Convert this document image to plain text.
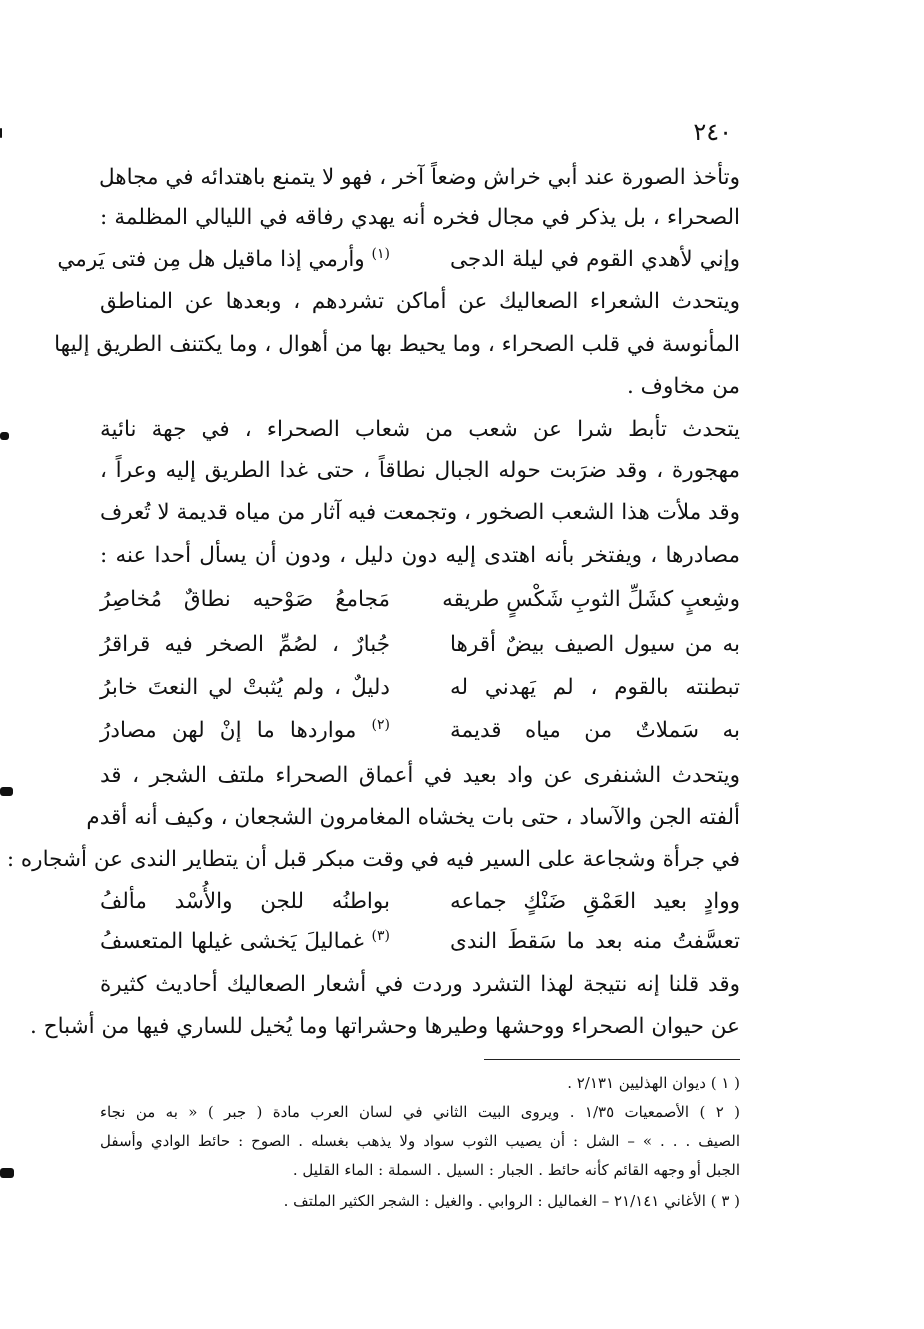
٢٤٠
وتأخذ الصورة عند أبي خراش وضعاً آخر ، فهو لا يتمنع باهتدائه في مجاهل
الصحراء ، بل يذكر في مجال فخره أنه يهدي رفاقه في الليالي المظلمة :
وإني لأهدي القوم في ليلة الدجى
$^{(١)}$ وأرمي إذا ماقيل هل مِن فتى يَرمي
ويتحدث الشعراء الصعاليك عن أماكن تشردهم ، وبعدها عن المناطق
المأنوسة في قلب الصحراء ، وما يحيط بها من أهوال ، وما يكتنف الطريق إليها
من مخاوف .
يتحدث تأبط شرا عن شعب من شعاب الصحراء ، في جهة نائية
مهجورة ، وقد ضرَبت حوله الجبال نطاقاً ، حتى غدا الطريق إليه وعراً ،
وقد ملأت هذا الشعب الصخور ، وتجمعت فيه آثار من مياه قديمة لا تُعرف
مصادرها ، ويفتخر بأنه اهتدى إليه دون دليل ، ودون أن يسأل أحدا عنه :
وشِعبٍ كشَلِّ الثوبِ شَكْسٍ طريقه
مَجامعُ صَوْحيه نطاقٌ مُخاصِرُ
به من سيول الصيف بيضٌ أقرها
جُبارٌ ، لصُمِّ الصخر فيه قراقرُ
تبطنته بالقوم ، لم يَهدني له
دليلٌ ، ولم يُثبتْ لي النعتَ خابرُ
به سَملاتٌ من مياه قديمة
$^{(٢)}$ مواردها ما إنْ لهن مصادرُ
ويتحدث الشنفرى عن واد بعيد في أعماق الصحراء ملتف الشجر ، قد
ألفته الجن والآساد ، حتى بات يخشاه المغامرون الشجعان ، وكيف أنه أقدم
في جرأة وشجاعة على السير فيه في وقت مبكر قبل أن يتطاير الندى عن أشجاره :
ووادٍ بعيد العَمْقِ ضَنْكٍ جماعه
بواطنُه للجن والأُسْد مألفُ
تعسَّفتُ منه بعد ما سَقطَ الندى
$^{(٣)}$ غماليلَ يَخشى غيلها المتعسفُ
وقد قلنا إنه نتيجة لهذا التشرد وردت في أشعار الصعاليك أحاديث كثيرة
عن حيوان الصحراء ووحشها وطيرها وحشراتها وما يُخيل للساري فيها من أشباح .
( ١ ) ديوان الهذليين ٢/١٣١ .
( ٢ ) الأصمعيات ١/٣٥ . ويروى البيت الثاني في لسان العرب مادة ( جبر ) « به من نجاء
الصيف . . . » – الشل : أن يصيب الثوب سواد ولا يذهب بغسله . الصوح : حائط الوادي وأسفل
الجبل أو وجهه القائم كأنه حائط . الجبار : السيل . السملة : الماء القليل .
( ٣ ) الأغاني ٢١/١٤١ – الغماليل : الروابي . والغيل : الشجر الكثير الملتف .
